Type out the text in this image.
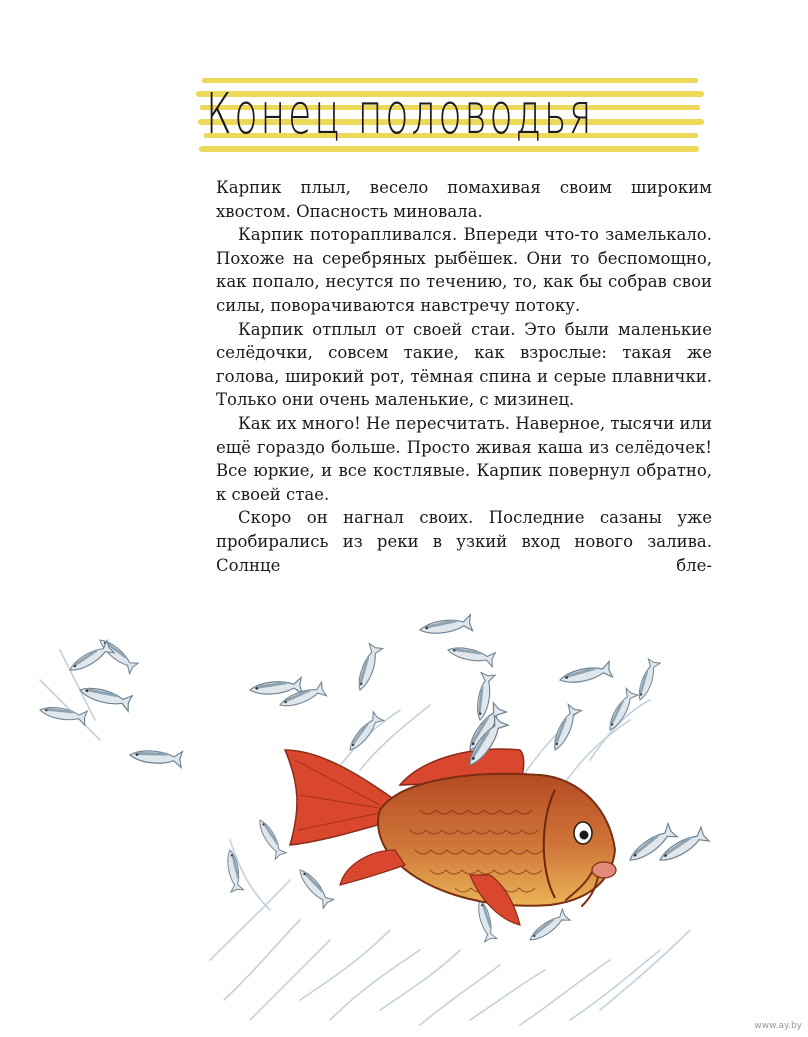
Конец половодья

Карпик плыл, весело помахивая своим широким хвостом. Опасность миновала.

Карпик поторапливался. Впереди что-то замелькало. Похоже на серебряных рыбёшек. Они то беспомощно, как попало, несутся по течению, то, как бы собрав свои силы, поворачиваются навстречу потоку.

Карпик отплыл от своей стаи. Это были маленькие селёдочки, совсем такие, как взрослые: такая же голова, широкий рот, тёмная спина и серые плавнички. Только они очень маленькие, с мизинец.

Как их много! Не пересчитать. Наверное, тысячи или ещё гораздо больше. Просто живая каша из селёдочек! Все юркие, и все костлявые. Карпик повернул обратно, к своей стае.

Скоро он нагнал своих. Последние сазаны уже пробирались из реки в узкий вход нового залива. Солнце бле-

www.ay.by
